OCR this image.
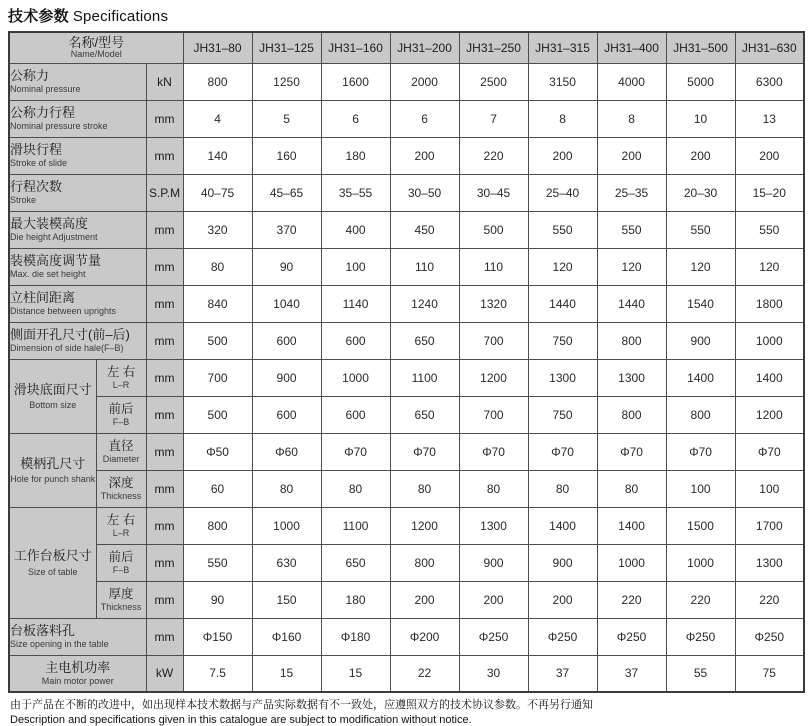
技术参数 Specifications
名称/型号
Name/Model			JH31–80	JH31–125	JH31–160	JH31–200	JH31–250	JH31–315	JH31–400	JH31–500	JH31–630

公称力
Nominal pressure		kN	800	1250	1600	2000	2500	3150	4000	5000	6300

公称力行程
Nominal pressure stroke		mm	4	5	6	6	7	8	8	10	13

滑块行程
Stroke of slide		mm	140	160	180	200	220	200	200	200	200

行程次数
Stroke		S.P.M	40–75	45–65	35–55	30–50	30–45	25–40	25–35	20–30	15–20

最大装模高度
Die height Adjustment		mm	320	370	400	450	500	550	550	550	550

装模高度调节量
Max. die set height		mm	80	90	100	110	110	120	120	120	120

立柱间距离
Distance between uprights		mm	840	1040	1140	1240	1320	1440	1440	1540	1800

侧面开孔尺寸(前–后)
Dimension of side hale(F–B)		mm	500	600	600	650	700	750	800	900	1000

滑块底面尺寸
Bottom size

左 右
L–R
	mm	700	900	1000	1100	1200	1300	1300	1400	1400

	前后
F–B	mm	500	600	600	650	700	750	800	800	1200

模柄孔尺寸
Hole for punch shank

直径
Diameter
	mm	Φ50	Φ60	Φ70	Φ70	Φ70	Φ70	Φ70	Φ70	Φ70

	深度
Thickness	mm	60	80	80	80	80	80	80	100	100

工作台板尺寸
Size of table

左 右
L–R
	mm	800	1000	1100	1200	1300	1400	1400	1500	1700

	前后
F–B	mm	550	630	650	800	900	900	1000	1000	1300

	厚度
Thickness	mm	90	150	180	200	200	200	220	220	220

台板落料孔
Size opening in the table		mm	Φ150	Φ160	Φ180	Φ200	Φ250	Φ250	Φ250	Φ250	Φ250

主电机功率
Main motor power		kW	7.5	15	15	22	30	37	37	55	75
由于产品在不断的改进中，如出现样本技术数据与产品实际数据有不一致处，应遵照双方的技术协议参数。不再另行通知
Description and specifications given in this catalogue are subject to modification without notice.
